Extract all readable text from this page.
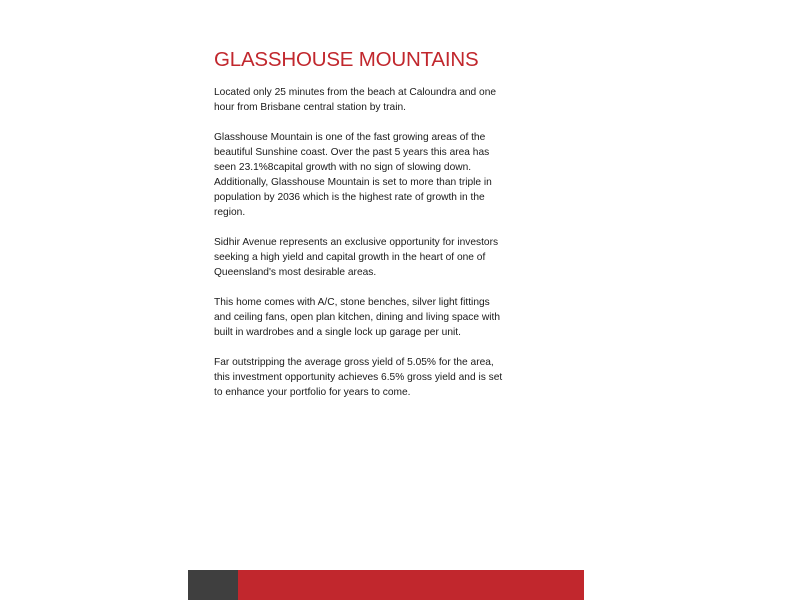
GLASSHOUSE MOUNTAINS

Located only 25 minutes from the beach at Caloundra and one hour from Brisbane central station by train.

Glasshouse Mountain is one of the fast growing areas of the beautiful Sunshine coast. Over the past 5 years this area has seen 23.1%8capital growth with no sign of slowing down. Additionally, Glasshouse Mountain is set to more than triple in population by 2036 which is the highest rate of growth in the region.

Sidhir Avenue represents an exclusive opportunity for investors seeking a high yield and capital growth in the heart of one of Queensland's most desirable areas.

This home comes with A/C, stone benches, silver light fittings and ceiling fans, open plan kitchen, dining and living space with built in wardrobes and a single lock up garage per unit.

Far outstripping the average gross yield of 5.05% for the area, this investment opportunity achieves 6.5% gross yield and is set to enhance your portfolio for years to come.
